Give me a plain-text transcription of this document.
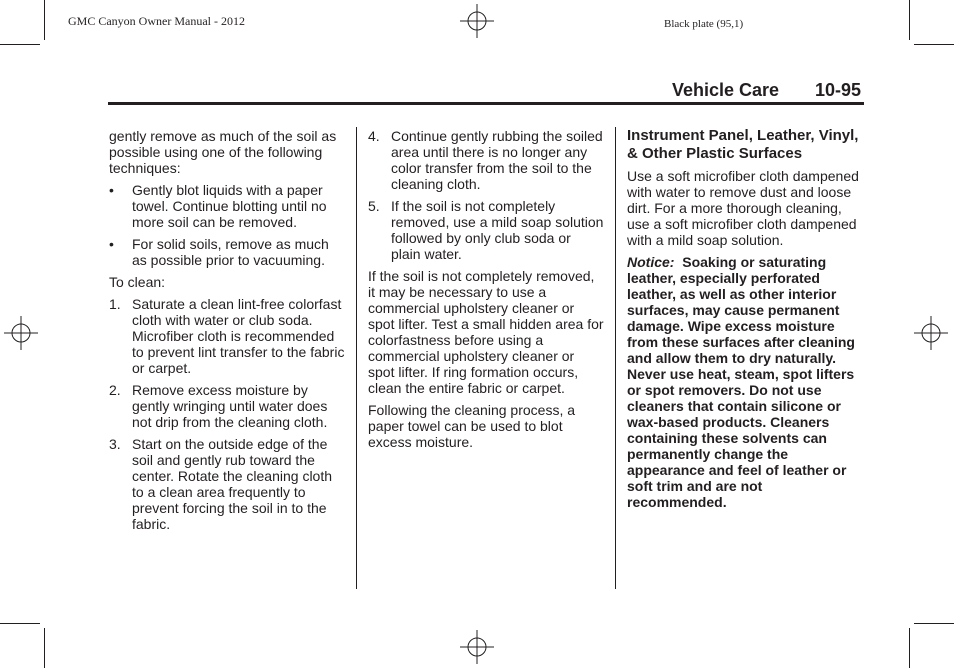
GMC Canyon Owner Manual - 2012	Black plate (95,1)
Vehicle Care 10-95

gently remove as much of the soil as possible using one of the following techniques:

• Gently blot liquids with a paper towel. Continue blotting until no more soil can be removed.
• For solid soils, remove as much as possible prior to vacuuming.

To clean:

1. Saturate a clean lint-free colorfast cloth with water or club soda. Microfiber cloth is recommended to prevent lint transfer to the fabric or carpet.
2. Remove excess moisture by gently wringing until water does not drip from the cleaning cloth.
3. Start on the outside edge of the soil and gently rub toward the center. Rotate the cleaning cloth to a clean area frequently to prevent forcing the soil in to the fabric.
4. Continue gently rubbing the soiled area until there is no longer any color transfer from the soil to the cleaning cloth.
5. If the soil is not completely removed, use a mild soap solution followed by only club soda or plain water.

If the soil is not completely removed, it may be necessary to use a commercial upholstery cleaner or spot lifter. Test a small hidden area for colorfastness before using a commercial upholstery cleaner or spot lifter. If ring formation occurs, clean the entire fabric or carpet.

Following the cleaning process, a paper towel can be used to blot excess moisture.

Instrument Panel, Leather, Vinyl, & Other Plastic Surfaces

Use a soft microfiber cloth dampened with water to remove dust and loose dirt. For a more thorough cleaning, use a soft microfiber cloth dampened with a mild soap solution.

Notice: Soaking or saturating leather, especially perforated leather, as well as other interior surfaces, may cause permanent damage. Wipe excess moisture from these surfaces after cleaning and allow them to dry naturally. Never use heat, steam, spot lifters or spot removers. Do not use cleaners that contain silicone or wax-based products. Cleaners containing these solvents can permanently change the appearance and feel of leather or soft trim and are not recommended.
